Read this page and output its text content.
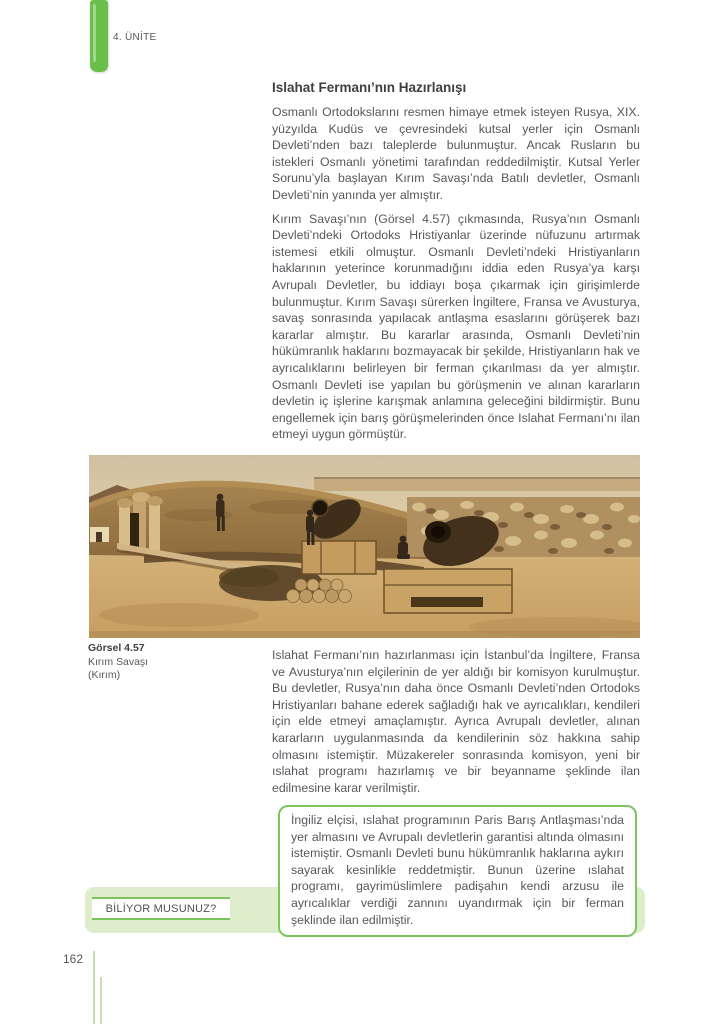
4. ÜNİTE
Islahat Fermanı’nın Hazırlanışı

Osmanlı Ortodokslarını resmen himaye etmek isteyen Rusya, XIX. yüzyılda Kudüs ve çevresindeki kutsal yerler için Osmanlı Devleti’nden bazı taleplerde bulunmuştur. Ancak Rusların bu istekleri Osmanlı yönetimi tarafından reddedilmiştir. Kutsal Yerler Sorunu’yla başlayan Kırım Savaşı’nda Batılı devletler, Osmanlı Devleti’nin yanında yer almıştır.

Kırım Savaşı’nın (Görsel 4.57) çıkmasında, Rusya’nın Osmanlı Devleti’ndeki Ortodoks Hristiyanlar üzerinde nüfuzunu artırmak istemesi etkili olmuştur. Osmanlı Devleti’ndeki Hristiyanların haklarının yeterince korunmadığını iddia eden Rusya’ya karşı Avrupalı Devletler, bu iddiayı boşa çıkarmak için girişimlerde bulunmuştur. Kırım Savaşı sürerken İngiltere, Fransa ve Avusturya, savaş sonrasında yapılacak antlaşma esaslarını görüşerek bazı kararlar almıştır. Bu kararlar arasında, Osmanlı Devleti’nin hükümranlık haklarını bozmayacak bir şekilde, Hristiyanların hak ve ayrıcalıklarını belirleyen bir ferman çıkarılması da yer almıştır. Osmanlı Devleti ise yapılan bu görüşmenin ve alınan kararların devletin iç işlerine karışmak anlamına geleceğini bildirmiştir. Bunu engellemek için barış görüşmelerinden önce Islahat Fermanı’nı ilan etmeyi uygun görmüştür.

Görsel 4.57
Kırım Savaşı
(Kırım)

Islahat Fermanı’nın hazırlanması için İstanbul’da İngiltere, Fransa ve Avusturya’nın elçilerinin de yer aldığı bir komisyon kurulmuştur. Bu devletler, Rusya’nın daha önce Osmanlı Devleti’nden Ortodoks Hristiyanları bahane ederek sağladığı hak ve ayrıcalıkları, kendileri için elde etmeyi amaçlamıştır. Ayrıca Avrupalı devletler, alınan kararların uygulanmasında da kendilerinin söz hakkına sahip olmasını istemiştir. Müzakereler sonrasında komisyon, yeni bir ıslahat programı hazırlamış ve bir beyanname şeklinde ilan edilmesine karar verilmiştir.

İngiliz elçisi, ıslahat programının Paris Barış Antlaşması’nda yer almasını ve Avrupalı devletlerin garantisi altında olmasını istemiştir. Osmanlı Devleti bunu hükümranlık haklarına aykırı sayarak kesinlikle reddetmiştir. Bunun üzerine ıslahat programı, gayrimüslimlere padişahın kendi arzusu ile ayrıcalıklar verdiği zannını uyandırmak için bir ferman şeklinde ilan edilmiştir.

BİLİYOR MUSUNUZ?
162
